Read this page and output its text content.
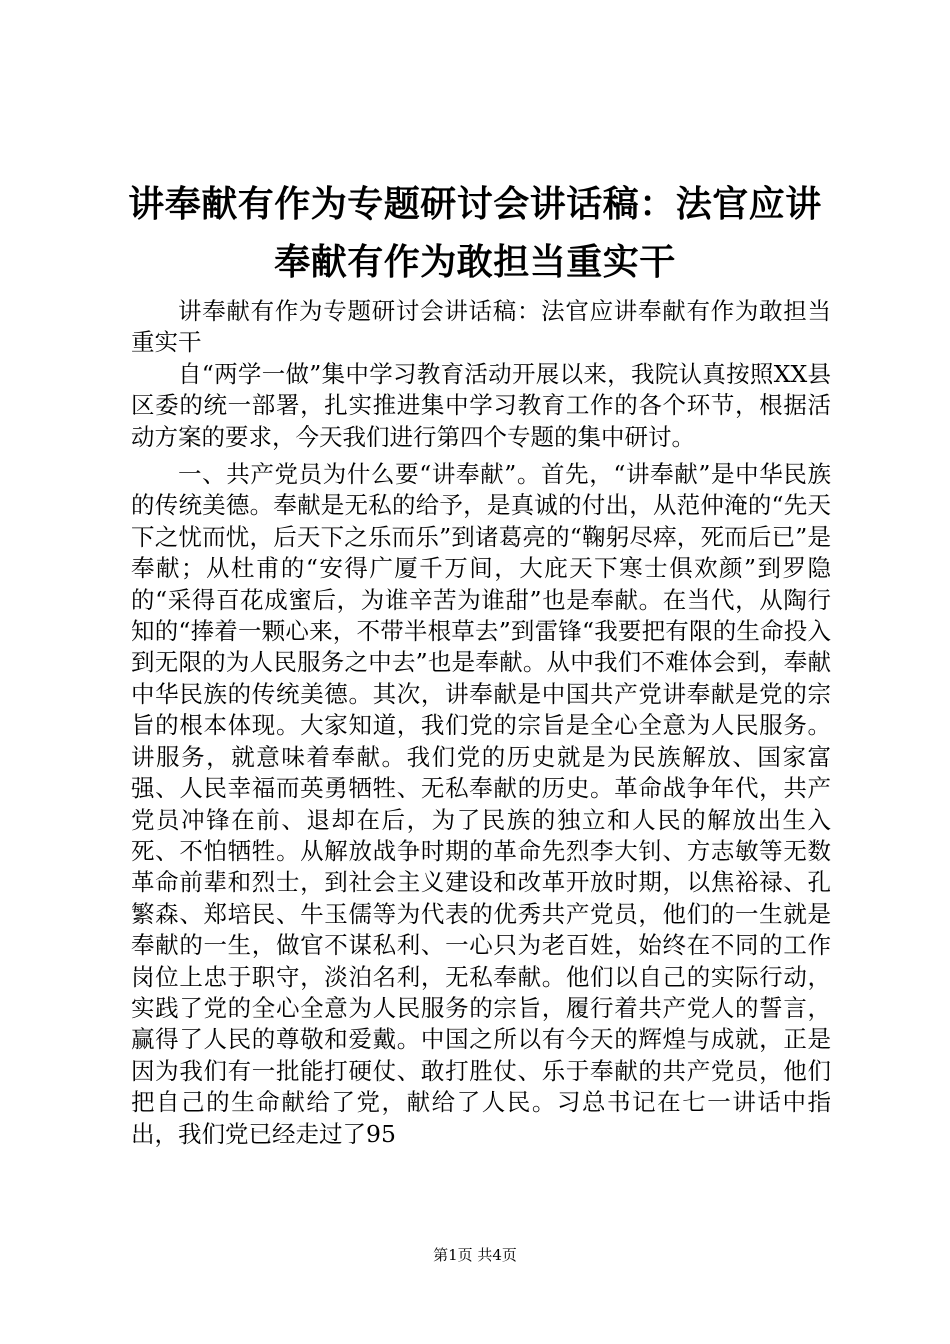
讲奉献有作为专题研讨会讲话稿：法官应讲奉献有作为敢担当重实干

讲奉献有作为专题研讨会讲话稿：法官应讲奉献有作为敢担当重实干

自“两学一做”集中学习教育活动开展以来，我院认真按照XX县区委的统一部署，扎实推进集中学习教育工作的各个环节，根据活动方案的要求，今天我们进行第四个专题的集中研讨。

一、共产党员为什么要“讲奉献”。首先，“讲奉献”是中华民族的传统美德。奉献是无私的给予，是真诚的付出，从范仲淹的“先天下之忧而忧，后天下之乐而乐”到诸葛亮的“鞠躬尽瘁，死而后已”是奉献；从杜甫的“安得广厦千万间，大庇天下寒士俱欢颜”到罗隐的“采得百花成蜜后，为谁辛苦为谁甜”也是奉献。在当代，从陶行知的“捧着一颗心来，不带半根草去”到雷锋“我要把有限的生命投入到无限的为人民服务之中去”也是奉献。从中我们不难体会到，奉献中华民族的传统美德。其次，讲奉献是中国共产党讲奉献是党的宗旨的根本体现。大家知道，我们党的宗旨是全心全意为人民服务。讲服务，就意味着奉献。我们党的历史就是为民族解放、国家富强、人民幸福而英勇牺牲、无私奉献的历史。革命战争年代，共产党员冲锋在前、退却在后，为了民族的独立和人民的解放出生入死、不怕牺牲。从解放战争时期的革命先烈李大钊、方志敏等无数革命前辈和烈士，到社会主义建设和改革开放时期，以焦裕禄、孔繁森、郑培民、牛玉儒等为代表的优秀共产党员，他们的一生就是奉献的一生，做官不谋私利、一心只为老百姓，始终在不同的工作岗位上忠于职守，淡泊名利，无私奉献。他们以自己的实际行动，实践了党的全心全意为人民服务的宗旨，履行着共产党人的誓言，赢得了人民的尊敬和爱戴。中国之所以有今天的辉煌与成就，正是因为我们有一批能打硬仗、敢打胜仗、乐于奉献的共产党员，他们把自己的生命献给了党，献给了人民。习总书记在七一讲话中指出，我们党已经走过了95

第1页 共4页
